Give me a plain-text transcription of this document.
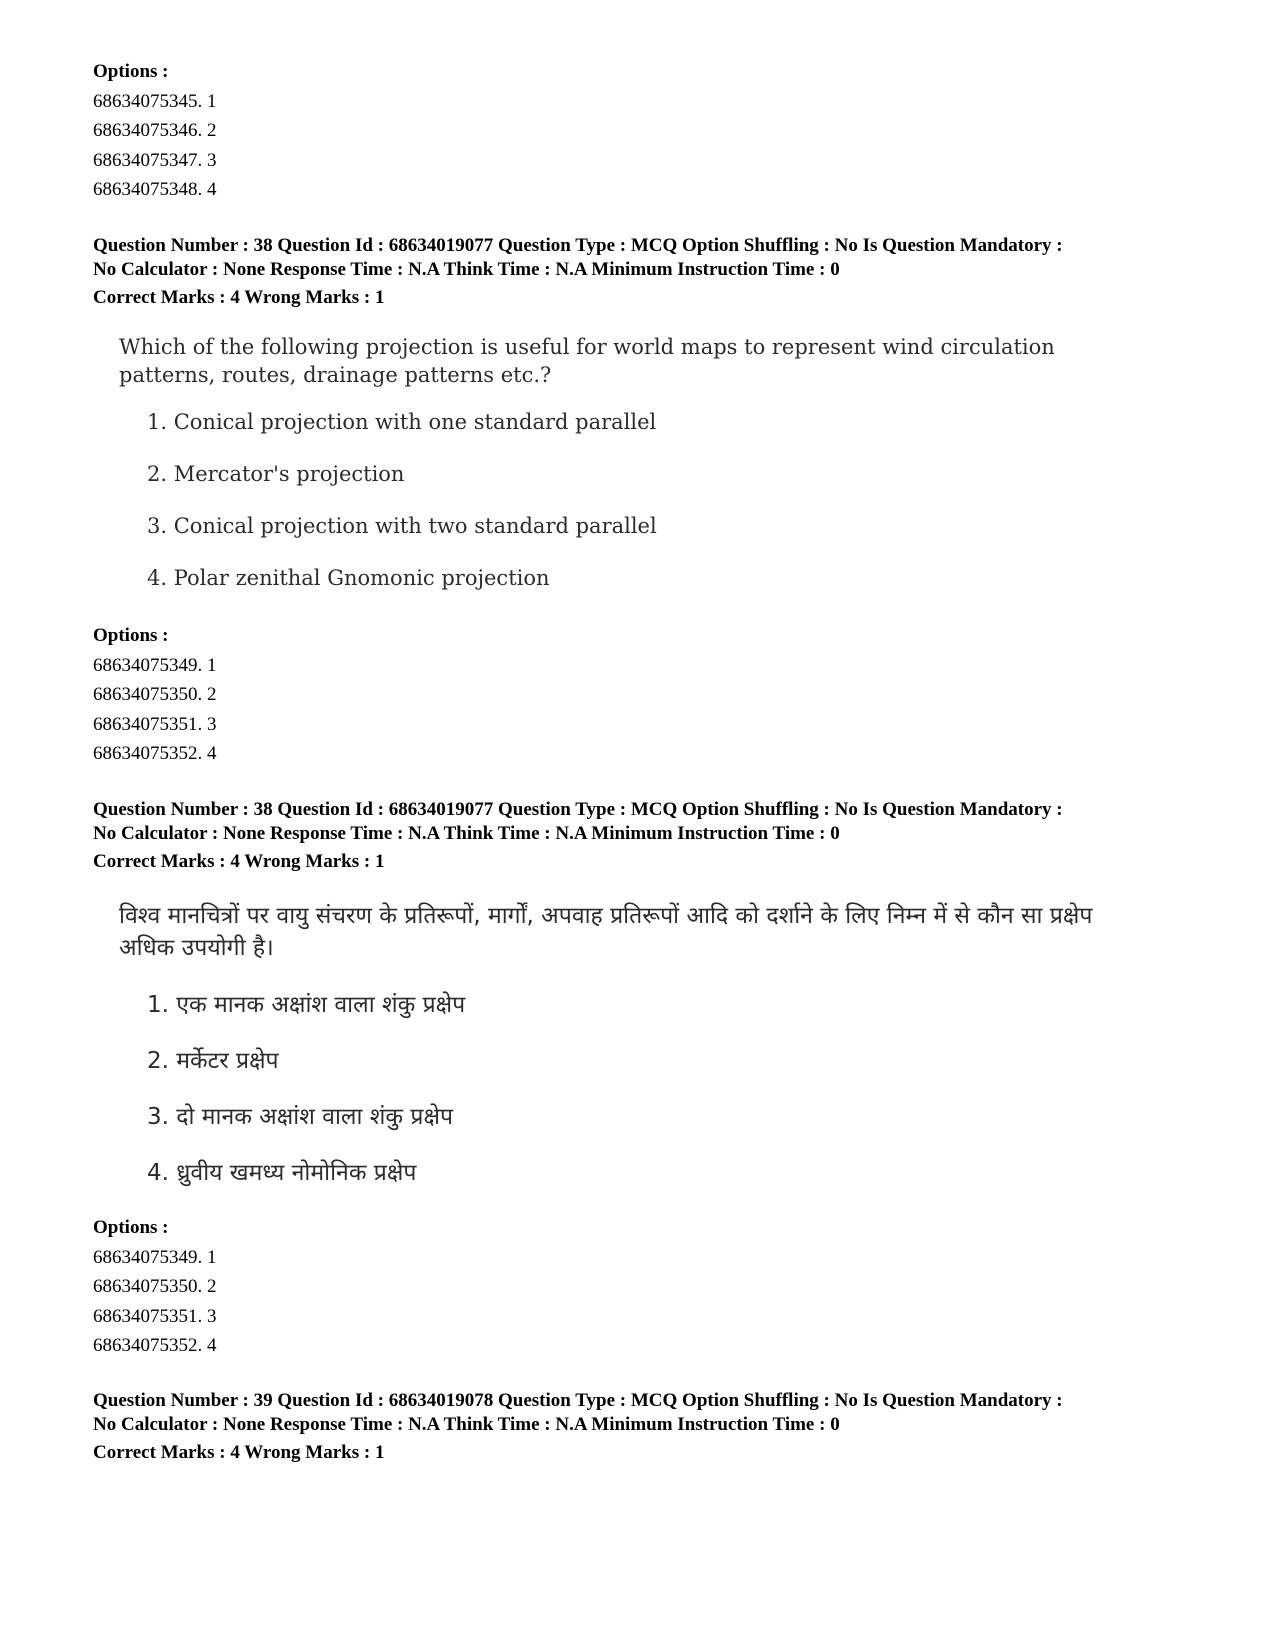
Options :
68634075345. 1
68634075346. 2
68634075347. 3
68634075348. 4
Question Number : 38 Question Id : 68634019077 Question Type : MCQ Option Shuffling : No Is Question Mandatory :
No Calculator : None Response Time : N.A Think Time : N.A Minimum Instruction Time : 0
Correct Marks : 4 Wrong Marks : 1
Which of the following projection is useful for world maps to represent wind circulation patterns, routes, drainage patterns etc.?
1. Conical projection with one standard parallel
2. Mercator's projection
3. Conical projection with two standard parallel
4. Polar zenithal Gnomonic projection
Options :
68634075349. 1
68634075350. 2
68634075351. 3
68634075352. 4
Question Number : 38 Question Id : 68634019077 Question Type : MCQ Option Shuffling : No Is Question Mandatory :
No Calculator : None Response Time : N.A Think Time : N.A Minimum Instruction Time : 0
Correct Marks : 4 Wrong Marks : 1
विश्व मानचित्रों पर वायु संचरण के प्रतिरूपों, मार्गों, अपवाह प्रतिरूपों आदि को दर्शाने के लिए निम्न में से कौन सा प्रक्षेप अधिक उपयोगी है।
1. एक मानक अक्षांश वाला शंकु प्रक्षेप
2. मर्केटर प्रक्षेप
3. दो मानक अक्षांश वाला शंकु प्रक्षेप
4. ध्रुवीय खमध्य नोमोनिक प्रक्षेप
Options :
68634075349. 1
68634075350. 2
68634075351. 3
68634075352. 4
Question Number : 39 Question Id : 68634019078 Question Type : MCQ Option Shuffling : No Is Question Mandatory :
No Calculator : None Response Time : N.A Think Time : N.A Minimum Instruction Time : 0
Correct Marks : 4 Wrong Marks : 1
